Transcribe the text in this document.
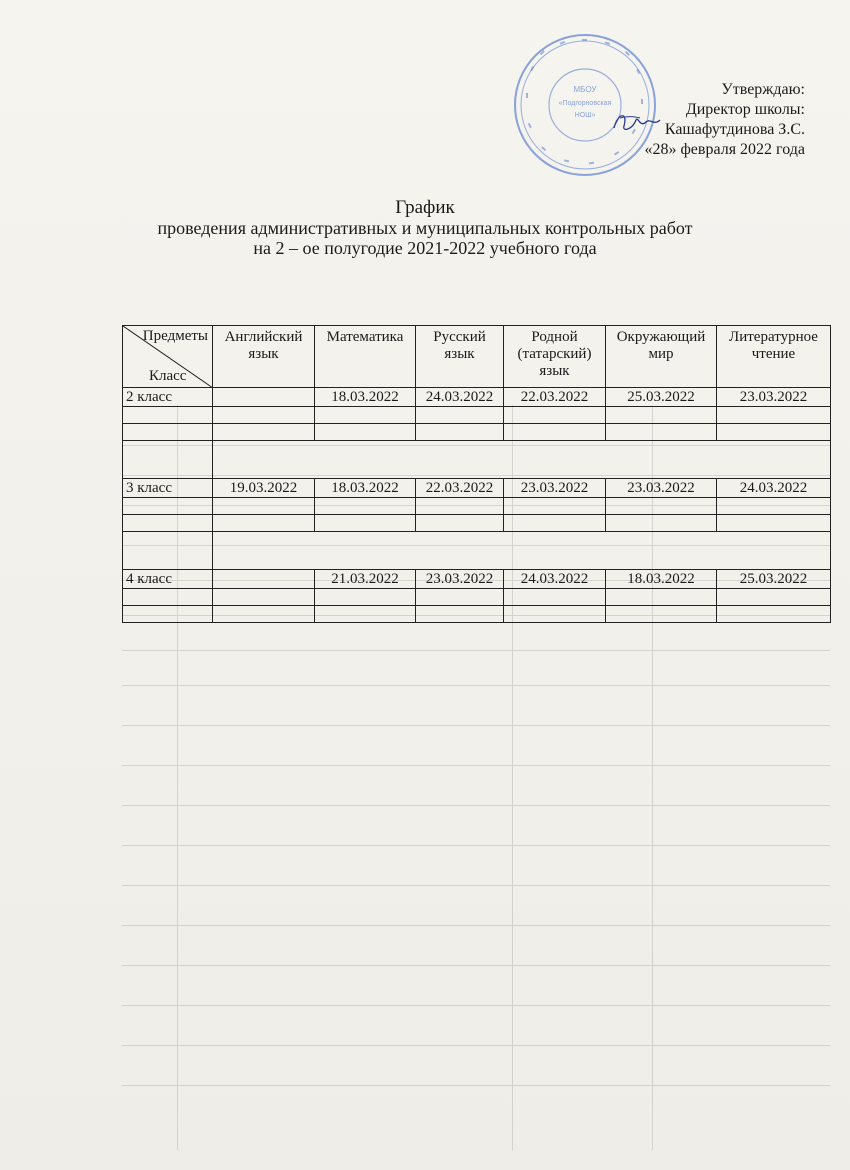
МБОУ
«Подгорновская
НОШ»
Утверждаю:
Директор школы:
Кашафутдинова З.С.
«28» февраля 2022 года
График
проведения административных и муниципальных контрольных работ
на 2 – ое полугодие 2021-2022 учебного года
Предметы
Класс	Английский язык	Математика	Русский язык	Родной (татарский) язык	Окружающий мир	Литературное чтение
2 класс		18.03.2022	24.03.2022	22.03.2022	25.03.2022	23.03.2022

3 класс	19.03.2022	18.03.2022	22.03.2022	23.03.2022	23.03.2022	24.03.2022

4 класс		21.03.2022	23.03.2022	24.03.2022	18.03.2022	25.03.2022
